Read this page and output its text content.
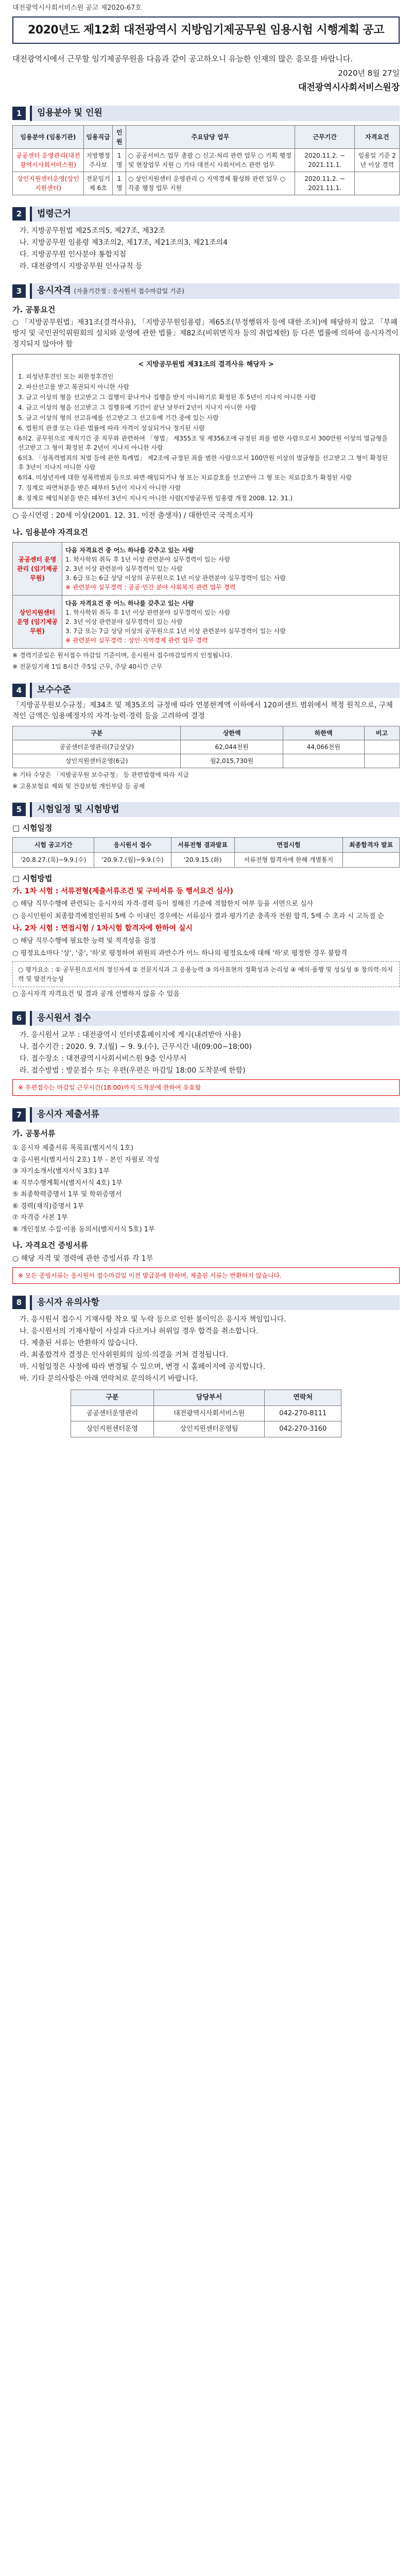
대전광역시사회서비스원 공고 제2020-67호
2020년도 제12회 대전광역시 지방임기제공무원 임용시험 시행계획 공고
대전광역시에서 근무할 임기제공무원을 다음과 같이 공고하오니 유능한 인재의 많은 응모를 바랍니다.
2020년 8월 27일
대전광역시사회서비스원장
1	임용분야 및 인원
임용분야 (임용기관)	임용직급	인원	주요담당 업무	근무기간	자격요건
공공센터 운영관리(대전광역시사회서비스원)	지방행정주사보	1명	○ 공공서비스 업무 총괄 ○ 신고·처리 관련 업무 ○ 기획 행정 및 현장업무 지원 ○ 기타 대전시 사회서비스 관련 업무	2020.11.2. ~ 2021.11.1.	임용일 기준 2년 이상 경력
상인지원센터운영(상인지원센터)	전문임기제 6호	1명	○ 상인지원센터 운영관리 ○ 지역경제 활성화 관련 업무 ○ 각종 행정 업무 지원	2020.11.2. ~ 2021.11.1.	
2	법령근거
가. 지방공무원법 제25조의5, 제27조, 제32조
나. 지방공무원 임용령 제3조의2, 제17조, 제21조의3, 제21조의4
다. 지방공무원 인사분야 통합지침
라. 대전광역시 지방공무원 인사규칙 등
3	응시자격 (자율기간정 : 응시원서 접수마감일 기준)
가. 공통요건
○ 「지방공무원법」제31조(결격사유), 「지방공무원임용령」제65조(부정행위자 등에 대한 조치)에 해당하지 않고 「부패방지 및 국민권익위원회의 설치와 운영에 관한 법률」제82조(비위면직자 등의 취업제한) 등 다른 법률에 의하여 응시자격이 정지되지 않아야 함
< 지방공무원법 제31조의 결격사유 해당자 >
1. 피성년후견인 또는 피한정후견인
2. 파산선고를 받고 복권되지 아니한 사람
3. 금고 이상의 형을 선고받고 그 집행이 끝나거나 집행을 받지 아니하기로 확정된 후 5년이 지나지 아니한 사람
4. 금고 이상의 형을 선고받고 그 집행유예 기간이 끝난 날부터 2년이 지나지 아니한 사람
5. 금고 이상의 형의 선고유예를 선고받고 그 선고유예 기간 중에 있는 사람
6. 법원의 판결 또는 다른 법률에 따라 자격이 상실되거나 정지된 사람
6의2. 공무원으로 재직기간 중 직무와 관련하여 「형법」 제355조 및 제356조에 규정된 죄를 범한 사람으로서 300만원 이상의 벌금형을 선고받고 그 형이 확정된 후 2년이 지나지 아니한 사람
6의3. 「성폭력범죄의 처벌 등에 관한 특례법」 제2조에 규정된 죄를 범한 사람으로서 100만원 이상의 벌금형을 선고받고 그 형이 확정된 후 3년이 지나지 아니한 사람
6의4. 미성년자에 대한 성폭력범죄 등으로 파면·해임되거나 형 또는 치료감호를 선고받아 그 형 또는 치료감호가 확정된 사람
7. 징계로 파면처분을 받은 때부터 5년이 지나지 아니한 사람
8. 징계로 해임처분을 받은 때부터 3년이 지나지 아니한 사람(지방공무원 임용령 개정 2008. 12. 31.)
○ 응시연령 : 20세 이상(2001. 12. 31. 이전 출생자) / 대한민국 국적소지자
나. 임용분야 자격요건
공공센터 운영관리 (임기제공무원)	다음 자격요건 중 어느 하나를 갖추고 있는 사람
1. 학사학위 취득 후 1년 이상 관련분야 실무경력이 있는 사람
2. 3년 이상 관련분야 실무경력이 있는 사람
3. 6급 또는 6급 상당 이상의 공무원으로 1년 이상 관련분야 실무경력이 있는 사람
※ 관련분야 실무경력 : 공공·민간 분야 사회복지 관련 업무 경력

상인지원센터 운영 (임기제공무원)	다음 자격요건 중 어느 하나를 갖추고 있는 사람
1. 학사학위 취득 후 1년 이상 관련분야 실무경력이 있는 사람
2. 3년 이상 관련분야 실무경력이 있는 사람
3. 7급 또는 7급 상당 이상의 공무원으로 1년 이상 관련분야 실무경력이 있는 사람
※ 관련분야 실무경력 : 상인·지역경제 관련 업무 경력
※ 경력기준일은 원서접수 마감일 기준이며, 응시원서 접수마감일까지 인정됩니다.
※ 전문임기제 1일 8시간 주5일 근무, 주당 40시간 근무
4	보수수준
「지방공무원보수규정」제34조 및 제35조의 규정에 따라 연봉한계액 이하에서 120퍼센트 범위에서 책정 원칙으로, 구체적인 금액은 임용예정자의 자격·능력·경력 등을 고려하여 결정
구분	상한액	하한액	비고
공공센터운영관리(7급상당)	62,044천원	44,066천원	
상인지원센터운영(6급)	월2,015,730원		
※ 기타 수당은 「지방공무원 보수규정」 등 관련법령에 따라 지급
※ 고용보험료 제외 및 건강보험 개인부담 등 공제
5	시험일정 및 시험방법
□ 시험일정
시험 공고기간	응시원서 접수	서류전형 결과발표	면접시험	최종합격자 발표
'20.8.27.(목)~9.9.(수)	'20.9.7.(월)~9.9.(수)	'20.9.15.(화)	서류전형 합격자에 한해 개별통지	
□ 시험방법
가. 1차 시험 : 서류전형(제출서류조건 및 구비서류 등 행서요건 심사)
○ 해당 직무수행에 관련되는 응시자의 자격·경력 등이 정해진 기준에 적합한지 여부 등을 서면으로 심사
○ 응시인원이 최종합격예정인원의 5배 수 이내인 경우에는 서류심사 결과 평가기준 충족자 전원 합격, 5배 수 초과 시 고득점 순
나. 2차 시험 : 면접시험 / 1차시험 합격자에 한하여 실시
○ 해당 직무수행에 필요한 능력 및 적격성을 검정
○ 평정요소마다 '상', '중', '하'로 평정하여 위원의 과반수가 어느 하나의 평정요소에 대해 '하'로 평정한 경우 불합격
○ 평가요소 : ① 공무원으로서의 정신자세 ② 전문지식과 그 응용능력 ③ 의사표현의 정확성과 논리성 ④ 예의·품행 및 성실성 ⑤ 창의력·의지력 및 발전가능성
○ 응시자격 자격요건 및 결과 공개 선별하지 않을 수 있음
6	응시원서 접수
가. 응시원서 교부 : 대전광역시 인터넷홈페이지에 게시(내려받아 사용)
나. 접수기간 : 2020. 9. 7.(월) ~ 9. 9.(수), 근무시간 내(09:00~18:00)
다. 접수장소 : 대전광역시사회서비스원 9층 인사부서
라. 접수방법 : 방문접수 또는 우편(우편은 마감일 18:00 도착분에 한함)
※ 우편접수는 마감일 근무시간(18:00)까지 도착분에 한하여 유효함
7	응시자 제출서류
가. 공통서류
① 응시자 제출서류 목록표(별지서식 1호)
② 응시원서(별지서식 2호) 1부 - 본인 자필로 작성
③ 자기소개서(별지서식 3호) 1부
④ 직무수행계획서(별지서식 4호) 1부
⑤ 최종학력증명서 1부 및 학위증명서
⑥ 경력(재직)증명서 1부
⑦ 자격증 사본 1부
⑧ 개인정보 수집·이용 동의서(별지서식 5호) 1부
나. 자격요건 증빙서류
○ 해당 자격 및 경력에 관한 증빙서류 각 1부
※ 모든 증빙서류는 응시원서 접수마감일 이전 발급분에 한하며, 제출된 서류는 반환하지 않습니다.
8	응시자 유의사항
가. 응시원서 접수시 기재사항 착오 및 누락 등으로 인한 불이익은 응시자 책임입니다.
나. 응시원서의 기재사항이 사실과 다르거나 허위일 경우 합격을 취소합니다.
다. 제출된 서류는 반환하지 않습니다.
라. 최종합격자 결정은 인사위원회의 심의·의결을 거쳐 결정됩니다.
마. 시험일정은 사정에 따라 변경될 수 있으며, 변경 시 홈페이지에 공지합니다.
바. 기타 문의사항은 아래 연락처로 문의하시기 바랍니다.
구분	담당부서	연락처
공공센터운영관리	대전광역시사회서비스원	042-270-8111
상인지원센터운영	상인지원센터운영팀	042-270-3160
